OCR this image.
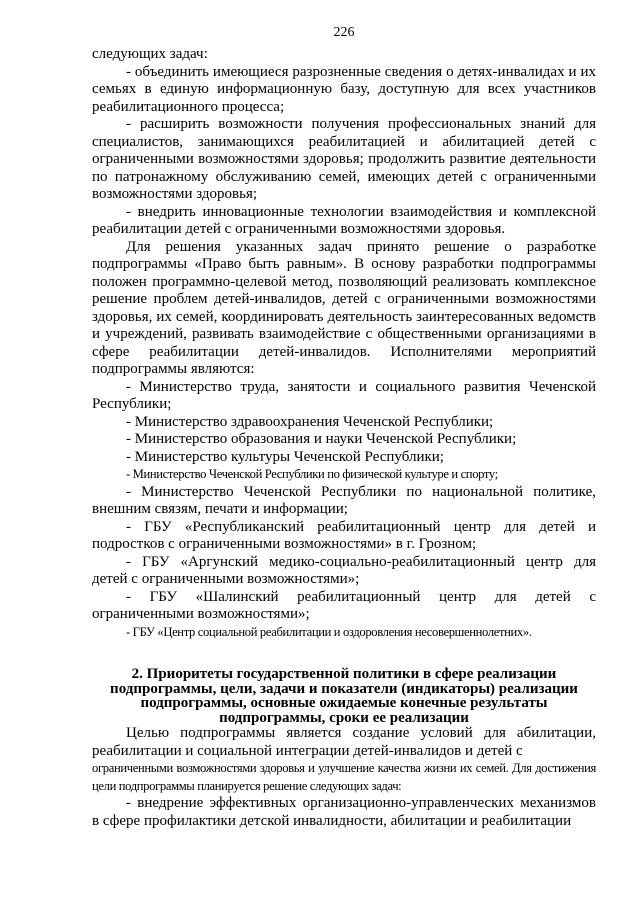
226

следующих задач:

- объединить имеющиеся разрозненные сведения о детях-инвалидах и их семьях в единую информационную базу, доступную для всех участников реабилитационного процесса;

- расширить возможности получения профессиональных знаний для специалистов, занимающихся реабилитацией и абилитацией детей с ограниченными возможностями здоровья; продолжить развитие деятельности по патронажному обслуживанию семей, имеющих детей с ограниченными возможностями здоровья;

- внедрить инновационные технологии взаимодействия и комплексной реабилитации детей с ограниченными возможностями здоровья.

Для решения указанных задач принято решение о разработке подпрограммы «Право быть равным». В основу разработки подпрограммы положен программно-целевой метод, позволяющий реализовать комплексное решение проблем детей-инвалидов, детей с ограниченными возможностями здоровья, их семей, координировать деятельность заинтересованных ведомств и учреждений, развивать взаимодействие с общественными организациями в сфере реабилитации детей-инвалидов. Исполнителями мероприятий подпрограммы являются:

- Министерство труда, занятости и социального развития Чеченской Республики;

- Министерство здравоохранения Чеченской Республики;

- Министерство образования и науки Чеченской Республики;

- Министерство культуры Чеченской Республики;

- Министерство Чеченской Республики по физической культуре и спорту;

- Министерство Чеченской Республики по национальной политике, внешним связям, печати и информации;

- ГБУ «Республиканский реабилитационный центр для детей и подростков с ограниченными возможностями» в г. Грозном;

- ГБУ «Аргунский медико-социально-реабилитационный центр для детей с ограниченными возможностями»;

- ГБУ «Шалинский реабилитационный центр для детей с ограниченными возможностями»;

- ГБУ «Центр социальной реабилитации и оздоровления несовершеннолетних».

2. Приоритеты государственной политики в сфере реализации
подпрограммы, цели, задачи и показатели (индикаторы) реализации
подпрограммы, основные ожидаемые конечные результаты
подпрограммы, сроки ее реализации

Целью подпрограммы является создание условий для абилитации, реабилитации и социальной интеграции детей-инвалидов и детей с

ограниченными возможностями здоровья и улучшение качества жизни их семей. Для достижения цели подпрограммы планируется решение следующих задач:

- внедрение эффективных организационно-управленческих механизмов в сфере профилактики детской инвалидности, абилитации и реабилитации
